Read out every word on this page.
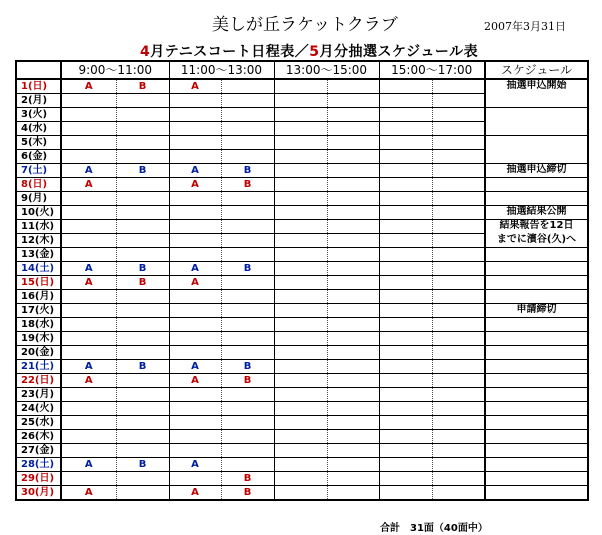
美しが丘ラケットクラブ	2007年3月31日
4月テニスコート日程表／5月分抽選スケジュール表
	9:00～11:00		11:00～13:00		13:00～15:00		15:00～17:00		スケジュール
1(日)	A	B	A						抽選申込開始

2(月)									

3(火)									

4(水)									

5(木)									

6(金)									

7(土)	A	B	A	B					抽選申込締切

8(日)	A		A	B					

9(月)									

10(火)									抽選結果公開

11(水)									結果報告を12日

12(木)									までに濱谷(久)へ

13(金)									

14(土)	A	B	A	B					

15(日)	A	B	A						

16(月)									

17(火)									申請締切

18(水)									

19(木)									

20(金)									

21(土)	A	B	A	B					

22(日)	A		A	B					

23(月)									

24(火)									

25(水)									

26(木)									

27(金)									

28(土)	A	B	A						

29(日)				B					

30(月)	A		A	B					
合計　31面（40面中）
